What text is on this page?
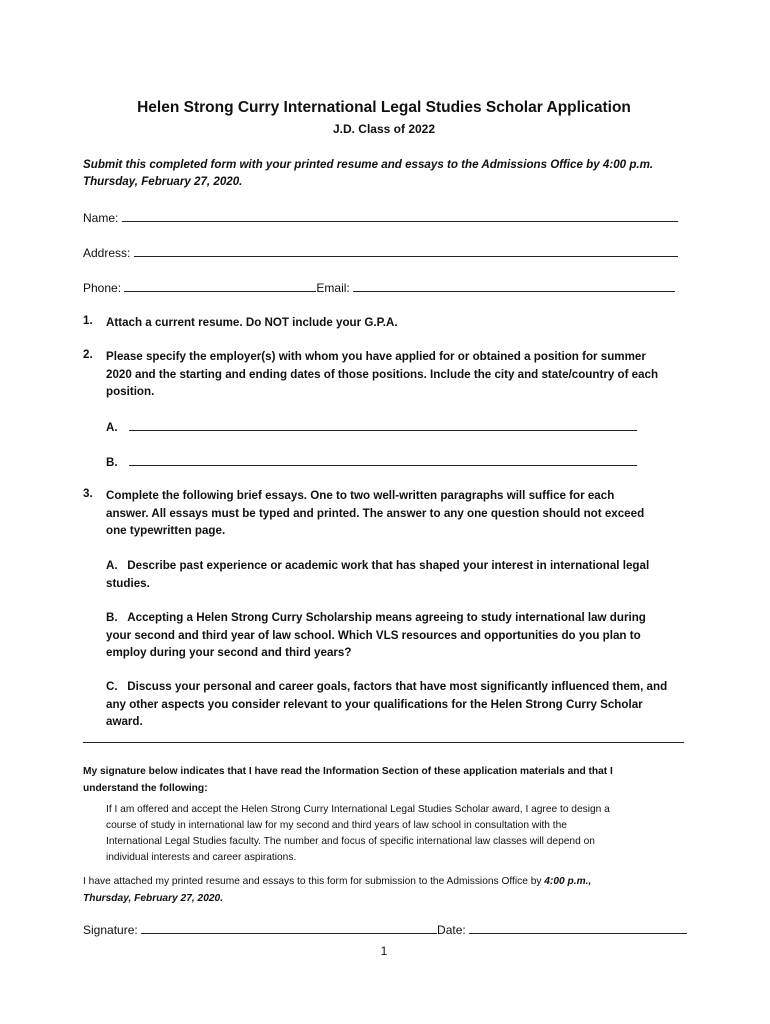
Helen Strong Curry International Legal Studies Scholar Application
J.D. Class of 2022
Submit this completed form with your printed resume and essays to the Admissions Office by 4:00 p.m.
Thursday, February 27, 2020.
Name:
Address:
Phone:	Email:
1. Attach a current resume. Do NOT include your G.P.A.
2. Please specify the employer(s) with whom you have applied for or obtained a position for summer
2020 and the starting and ending dates of those positions. Include the city and state/country of each
position.
A.
B.
3. Complete the following brief essays. One to two well-written paragraphs will suffice for each
answer. All essays must be typed and printed. The answer to any one question should not exceed
one typewritten page.
A. Describe past experience or academic work that has shaped your interest in international legal
studies.
B. Accepting a Helen Strong Curry Scholarship means agreeing to study international law during
your second and third year of law school. Which VLS resources and opportunities do you plan to
employ during your second and third years?
C. Discuss your personal and career goals, factors that have most significantly influenced them, and
any other aspects you consider relevant to your qualifications for the Helen Strong Curry Scholar
award.
My signature below indicates that I have read the Information Section of these application materials and that I
understand the following:
If I am offered and accept the Helen Strong Curry International Legal Studies Scholar award, I agree to design a
course of study in international law for my second and third years of law school in consultation with the
International Legal Studies faculty. The number and focus of specific international law classes will depend on
individual interests and career aspirations.
I have attached my printed resume and essays to this form for submission to the Admissions Office by 4:00 p.m.,
Thursday, February 27, 2020.
Signature:	Date:
1
